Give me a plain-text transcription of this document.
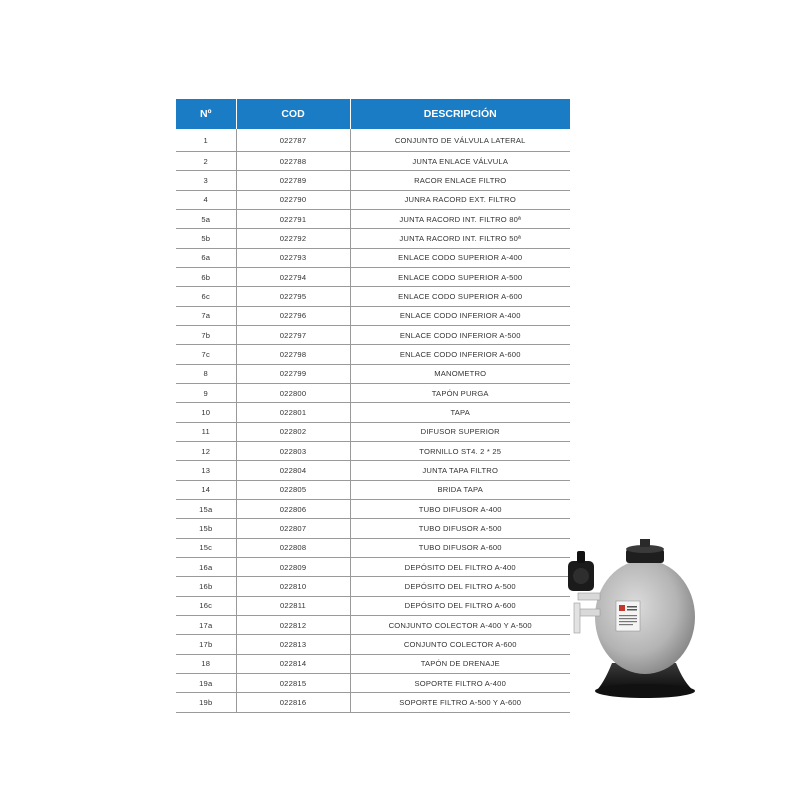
Nº	COD	DESCRIPCIÓN
1	022787	CONJUNTO DE VÁLVULA LATERAL
2	022788	JUNTA ENLACE VÁLVULA
3	022789	RACOR ENLACE FILTRO
4	022790	JUNRA RACORD EXT. FILTRO
5a	022791	JUNTA RACORD INT. FILTRO 80ª
5b	022792	JUNTA RACORD INT. FILTRO 50ª
6a	022793	ENLACE CODO SUPERIOR A-400
6b	022794	ENLACE CODO SUPERIOR A-500
6c	022795	ENLACE CODO SUPERIOR A-600
7a	022796	ENLACE CODO INFERIOR A-400
7b	022797	ENLACE CODO INFERIOR A-500
7c	022798	ENLACE CODO INFERIOR A-600
8	022799	MANOMETRO
9	022800	TAPÓN PURGA
10	022801	TAPA
11	022802	DIFUSOR SUPERIOR
12	022803	TORNILLO ST4. 2 * 25
13	022804	JUNTA TAPA FILTRO
14	022805	BRIDA TAPA
15a	022806	TUBO DIFUSOR A-400
15b	022807	TUBO DIFUSOR A-500
15c	022808	TUBO DIFUSOR A-600
16a	022809	DEPÓSITO DEL FILTRO A-400
16b	022810	DEPÓSITO DEL FILTRO A-500
16c	022811	DEPÓSITO DEL FILTRO A-600
17a	022812	CONJUNTO COLECTOR A-400 Y A-500
17b	022813	CONJUNTO COLECTOR A-600
18	022814	TAPÓN DE DRENAJE
19a	022815	SOPORTE FILTRO A-400
19b	022816	SOPORTE FILTRO A-500 Y A-600
